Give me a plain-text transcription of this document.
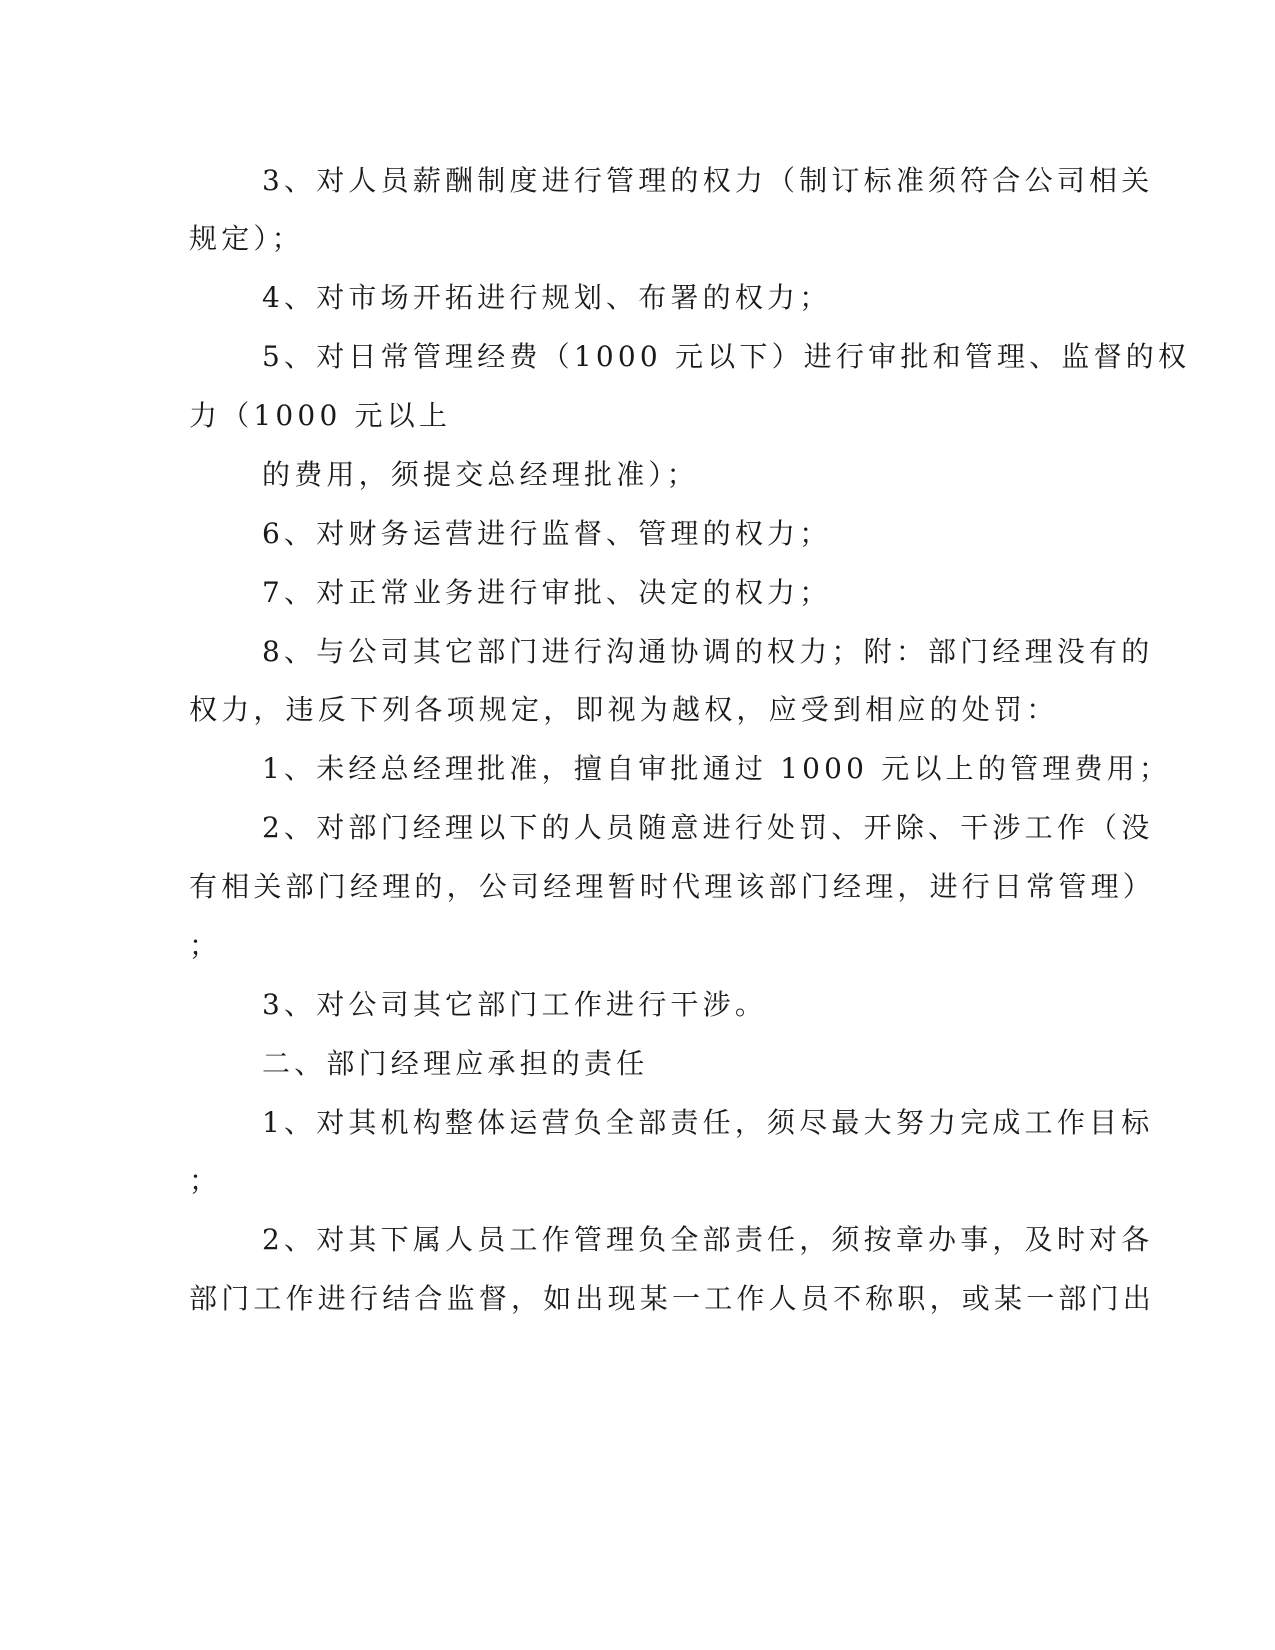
3、对人员薪酬制度进行管理的权力（制订标准须符合公司相关
规定）；
4、对市场开拓进行规划、布署的权力；
5、对日常管理经费（1000 元以下）进行审批和管理、监督的权
力（1000 元以上
的费用，须提交总经理批准）；
6、对财务运营进行监督、管理的权力；
7、对正常业务进行审批、决定的权力；
8、与公司其它部门进行沟通协调的权力；附：部门经理没有的
权力，违反下列各项规定，即视为越权，应受到相应的处罚：
1、未经总经理批准，擅自审批通过 1000 元以上的管理费用；
2、对部门经理以下的人员随意进行处罚、开除、干涉工作（没
有相关部门经理的，公司经理暂时代理该部门经理，进行日常管理）
；
3、对公司其它部门工作进行干涉。
二、部门经理应承担的责任
1、对其机构整体运营负全部责任，须尽最大努力完成工作目标
；
2、对其下属人员工作管理负全部责任，须按章办事，及时对各
部门工作进行结合监督，如出现某一工作人员不称职，或某一部门出
